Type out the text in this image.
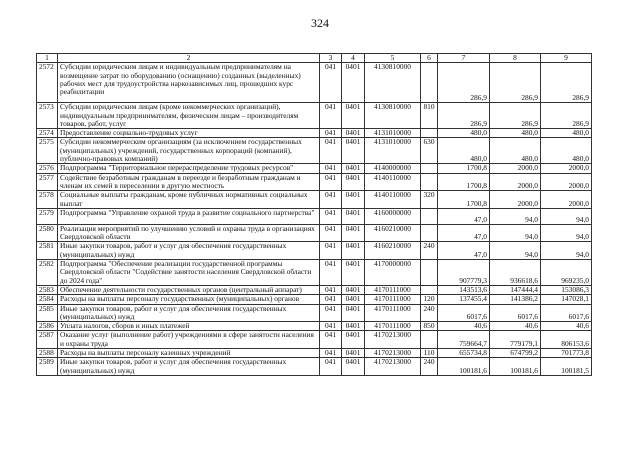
324
1	2	3	4	5	6	7	8	9
2572	Субсидии юридическим лицам и индивидуальным предпринимателям на возмещение затрат по оборудованию (оснащению) созданных (выделенных) рабочих мест для трудоустройства наркозависимых лиц, прошедших курс реабилитации	041	0401	4130810000		286,9	286,9	286,9
2573	Субсидии юридическим лицам (кроме некоммерческих организаций), индивидуальным предпринимателям, физическим лицам – производителям товаров, работ, услуг	041	0401	4130810000	810	286,9	286,9	286,9
2574	Предоставление социально-трудовых услуг	041	0401	4131010000		480,0	480,0	480,0
2575	Субсидии некоммерческим организациям (за исключением государственных (муниципальных) учреждений, государственных корпораций (компаний), публично-правовых компаний)	041	0401	4131010000	630	480,0	480,0	480,0
2576	Подпрограмма "Территориальное перераспределение трудовых ресурсов"	041	0401	4140000000		1700,8	2000,0	2000,0
2577	Содействие безработным гражданам в переезде и безработным гражданам и членам их семей в переселении в другую местность	041	0401	4140110000		1700,8	2000,0	2000,0
2578	Социальные выплаты гражданам, кроме публичных нормативных социальных выплат	041	0401	4140110000	320	1700,8	2000,0	2000,0
2579	Подпрограмма "Управление охраной труда в развитие социального партнерства"	041	0401	4160000000		47,0	94,0	94,0
2580	Реализация мероприятий по улучшению условий и охраны труда в организациях Свердловской области	041	0401	4160210000		47,0	94,0	94,0
2581	Иные закупки товаров, работ и услуг для обеспечения государственных (муниципальных) нужд	041	0401	4160210000	240	47,0	94,0	94,0
2582	Подпрограмма "Обеспечение реализации государственной программы Свердловской области "Содействие занятости населения Свердловской области до 2024 года"	041	0401	4170000000		907779,3	936618,6	969235,0
2583	Обеспечение деятельности государственных органов (центральный аппарат)	041	0401	4170111000		143513,6	147444,4	153086,3
2584	Расходы на выплаты персоналу государственных (муниципальных) органов	041	0401	4170111000	120	137455,4	141386,2	147028,1
2585	Иные закупки товаров, работ и услуг для обеспечения государственных (муниципальных) нужд	041	0401	4170111000	240	6017,6	6017,6	6017,6
2586	Уплата налогов, сборов и иных платежей	041	0401	4170111000	850	40,6	40,6	40,6
2587	Оказание услуг (выполнение работ) учреждениями в сфере занятости населения и охраны труда	041	0401	4170213000		759664,7	779179,1	806153,6
2588	Расходы на выплаты персоналу казенных учреждений	041	0401	4170213000	110	655734,8	674799,2	701773,8
2589	Иные закупки товаров, работ и услуг для обеспечения государственных (муниципальных) нужд	041	0401	4170213000	240	100181,6	100181,6	100181,5
